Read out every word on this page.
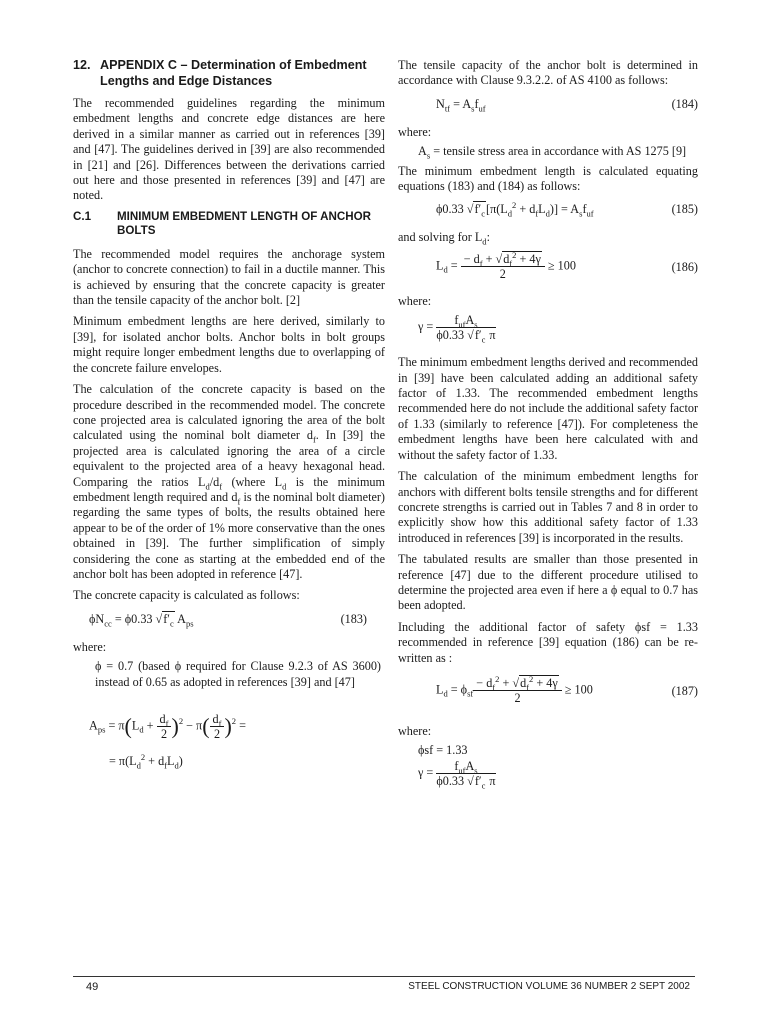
12. APPENDIX C – Determination of Embedment Lengths and Edge Distances

The recommended guidelines regarding the minimum embedment lengths and concrete edge distances are here derived in a similar manner as carried out in references [39] and [47]. The guidelines derived in [39] are also recommended in [21] and [26]. Differences between the derivations carried out here and those presented in references [39] and [47] are noted.

C.1	MINIMUM EMBEDMENT LENGTH OF ANCHOR BOLTS

The recommended model requires the anchorage system (anchor to concrete connection) to fail in a ductile manner. This is achieved by ensuring that the concrete capacity is greater than the tensile capacity of the anchor bolt. [2]

Minimum embedment lengths are here derived, similarly to [39], for isolated anchor bolts. Anchor bolts in bolt groups might require longer embedment lengths due to overlapping of the concrete failure envelopes.

The calculation of the concrete capacity is based on the procedure described in the recommended model. The concrete cone projected area is calculated ignoring the area of the bolt calculated using the nominal bolt diameter $d_f$. In [39] the projected area is calculated ignoring the area of a circle equivalent to the projected area of a heavy hexagonal head. Comparing the ratios $L_d/d_f$ (where $L_d$ is the minimum embedment length required and $d_f$ is the nominal bolt diameter) regarding the same types of bolts, the results obtained here appear to be of the order of 1% more conservative than the ones obtained in [39]. The further simplification of simply considering the cone as starting at the embedded end of the anchor bolt has been adopted in reference [47].

The concrete capacity is calculated as follows:

$\phi N_{cc} = \phi 0.33$ $√f'_c$ $A_{ps}$	(183)

where:

ϕ = 0.7 (based ϕ required for Clause 9.2.3 of AS 3600) instead of 0.65 as adopted in references [39] and [47]

$A_{ps} = \pi(L_d + \frac{d_f}{2} )^2 - \pi( \frac{d_f}{2} )^2$ =
= $\pi(L_d^2 + d_fL_d)$

The tensile capacity of the anchor bolt is determined in accordance with Clause 9.3.2.2. of AS 4100 as follows:

$N_{tf} = A_sf_{uf}$	(184)

where:

$A_s$ = tensile stress area in accordance with AS 1275 [9]

The minimum embedment length is calculated equating equations (183) and (184) as follows:

ϕ0.33 $√f'_c[\pi(L_d^2 + d_fL_d)] = A_sf_{uf}$	(185)

and solving for $L_d$:

$L_d = \frac{- d_f + √d_f^2 + 4\gamma}{2} \ge 100$	(186)

where:

$\gamma = \frac{f_{uf}A_s}{\phi 0.33 √f'_c \pi}$

The minimum embedment lengths derived and recommended in [39] have been calculated adding an additional safety factor of 1.33. The recommended embedment lengths recommended here do not include the additional safety factor of 1.33 (similarly to reference [47]). For completeness the embedment lengths have been here calculated with and without the safety factor of 1.33.

The calculation of the minimum embedment lengths for anchors with different bolts tensile strengths and for different concrete strengths is carried out in Tables 7 and 8 in order to explicitly show how this additional safety factor of 1.33 introduced in references [39] is incorporated in the results.

The tabulated results are smaller than those presented in reference [47] due to the different procedure utilised to determine the projected area even if here a ϕ equal to 0.7 has been adopted.

Including the additional factor of safety ϕsf = 1.33 recommended in reference [39] equation (186) can be re-written as :

$L_d = \phi_{sf} \frac{- d_f^2 + √d_f^2 + 4\gamma}{2} \ge 100$	(187)

where:

ϕsf = 1.33

$\gamma = \frac{f_{uf}A_s}{\phi 0.33 √f'_c \pi}$
49	STEEL CONSTRUCTION VOLUME 36 NUMBER 2 SEPT 2002
